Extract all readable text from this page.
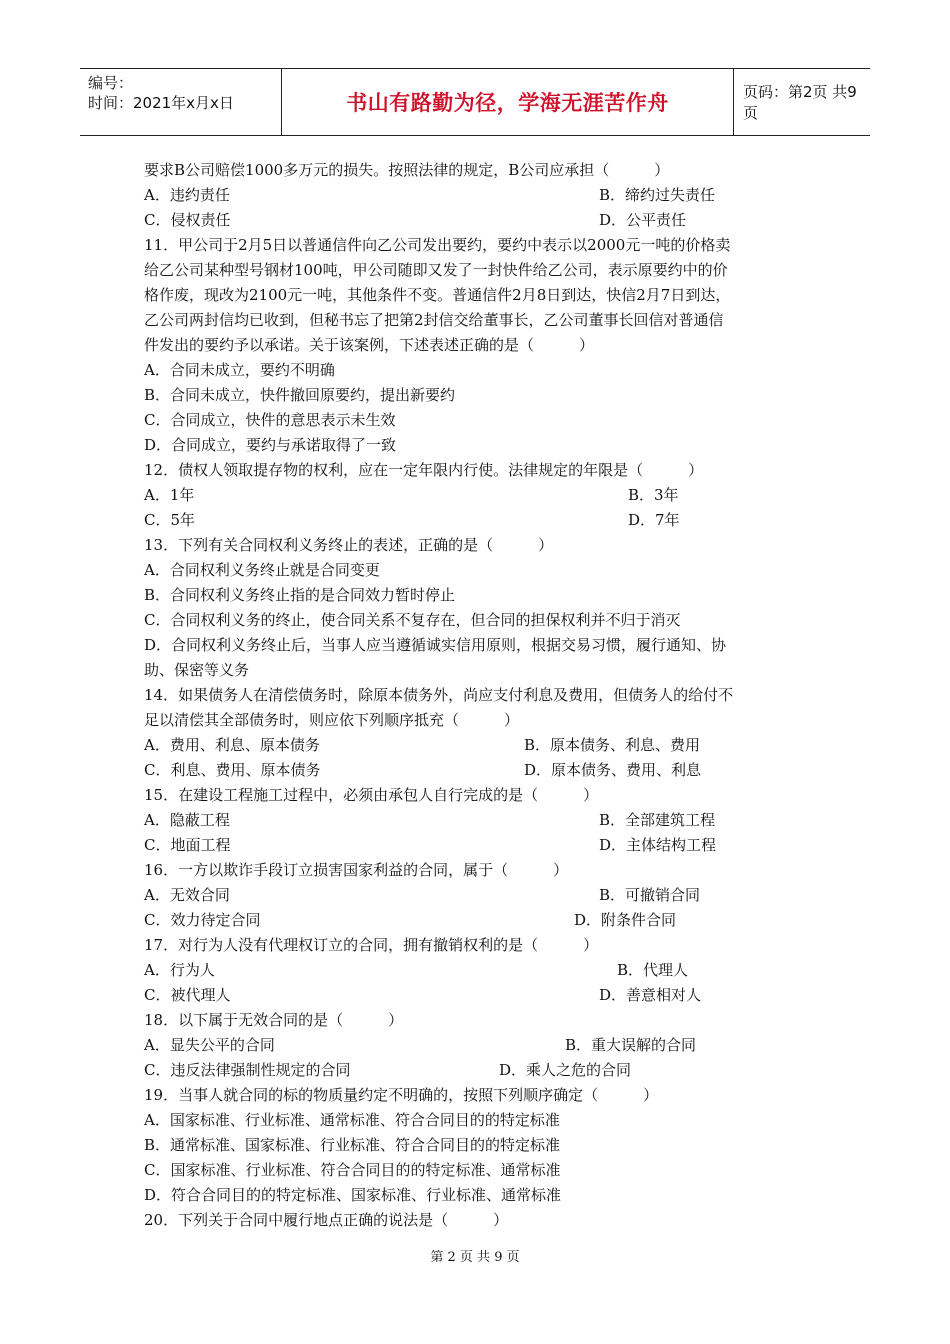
编号：
时间：2021年x月x日	书山有路勤为径，学海无涯苦作舟	页码：第2页 共9页
要求B公司赔偿1000多万元的损失。按照法律的规定，B公司应承担（　　　）
A．违约责任	B．缔约过失责任
C．侵权责任	D．公平责任
11．甲公司于2月5日以普通信件向乙公司发出要约，要约中表示以2000元一吨的价格卖
给乙公司某种型号钢材100吨，甲公司随即又发了一封快件给乙公司，表示原要约中的价
格作废，现改为2100元一吨，其他条件不变。普通信件2月8日到达，快信2月7日到达，
乙公司两封信均已收到，但秘书忘了把第2封信交给董事长，乙公司董事长回信对普通信
件发出的要约予以承诺。关于该案例，下述表述正确的是（　　　）
A．合同未成立，要约不明确
B．合同未成立，快件撤回原要约，提出新要约
C．合同成立，快件的意思表示未生效
D．合同成立，要约与承诺取得了一致
12．债权人领取提存物的权利，应在一定年限内行使。法律规定的年限是（　　　）
A．1年	B．3年
C．5年	D．7年
13．下列有关合同权利义务终止的表述，正确的是（　　　）
A．合同权利义务终止就是合同变更
B．合同权利义务终止指的是合同效力暂时停止
C．合同权利义务的终止，使合同关系不复存在，但合同的担保权利并不归于消灭
D．合同权利义务终止后，当事人应当遵循诚实信用原则，根据交易习惯，履行通知、协
助、保密等义务
14．如果债务人在清偿债务时，除原本债务外，尚应支付利息及费用，但债务人的给付不
足以清偿其全部债务时，则应依下列顺序抵充（　　　）
A．费用、利息、原本债务	B．原本债务、利息、费用
C．利息、费用、原本债务	D．原本债务、费用、利息
15．在建设工程施工过程中，必须由承包人自行完成的是（　　　）
A．隐蔽工程	B．全部建筑工程
C．地面工程	D．主体结构工程
16．一方以欺诈手段订立损害国家利益的合同，属于（　　　）
A．无效合同	B．可撤销合同
C．效力待定合同	D．附条件合同
17．对行为人没有代理权订立的合同，拥有撤销权利的是（　　　）
A．行为人	B．代理人
C．被代理人	D．善意相对人
18．以下属于无效合同的是（　　　）
A．显失公平的合同	B．重大误解的合同
C．违反法律强制性规定的合同	D．乘人之危的合同
19．当事人就合同的标的物质量约定不明确的，按照下列顺序确定（　　　）
A．国家标准、行业标准、通常标准、符合合同目的的特定标准
B．通常标准、国家标准、行业标准、符合合同目的的特定标准
C．国家标准、行业标准、符合合同目的的特定标准、通常标准
D．符合合同目的的特定标准、国家标准、行业标准、通常标准
20．下列关于合同中履行地点正确的说法是（　　　）
第 2 页 共 9 页
